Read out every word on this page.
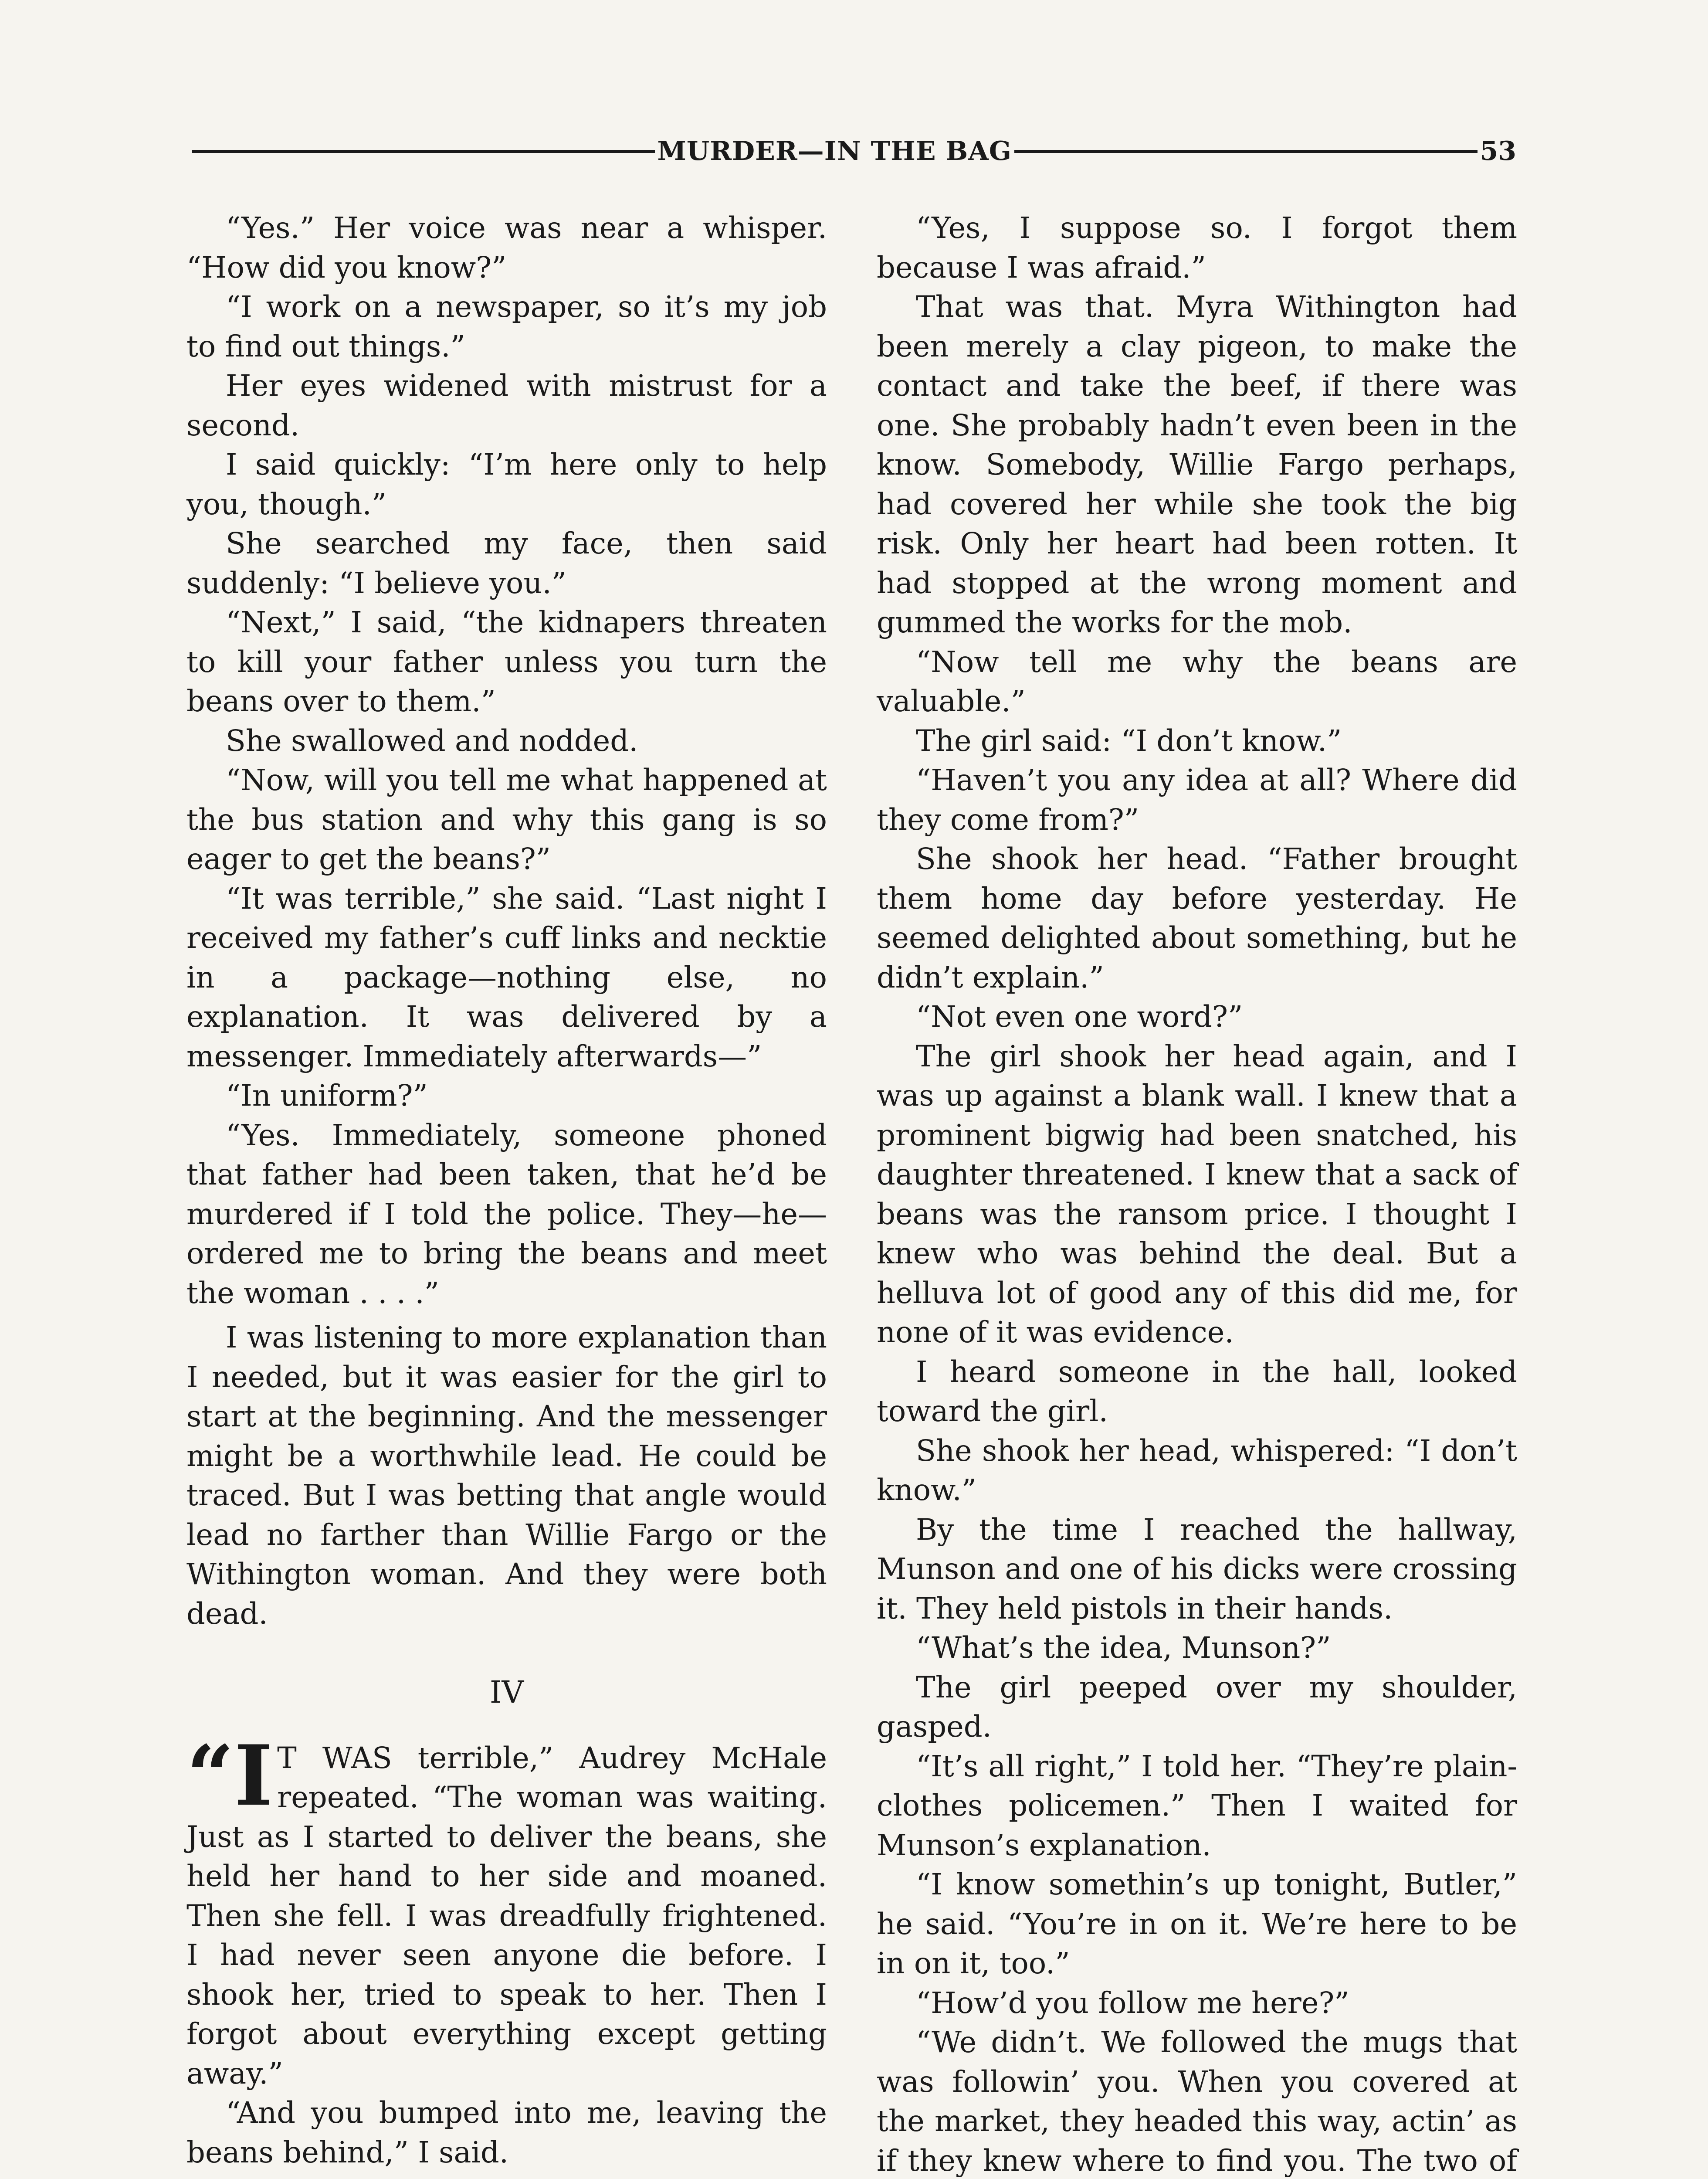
MURDER—IN THE BAG	53

“Yes.” Her voice was near a whisper. “How did you know?”

“I work on a newspaper, so it’s my job to find out things.”

Her eyes widened with mistrust for a second.

I said quickly: “I’m here only to help you, though.”

She searched my face, then said suddenly: “I believe you.”

“Next,” I said, “the kidnapers threaten to kill your father unless you turn the beans over to them.”

She swallowed and nodded.

“Now, will you tell me what happened at the bus station and why this gang is so eager to get the beans?”

“It was terrible,” she said. “Last night I received my father’s cuff links and necktie in a package—nothing else, no explanation. It was delivered by a messenger. Immediately afterwards—”

“In uniform?”

“Yes. Immediately, someone phoned that father had been taken, that he’d be murdered if I told the police. They—he—ordered me to bring the beans and meet the woman . . . .”

I was listening to more explanation than I needed, but it was easier for the girl to start at the beginning. And the messenger might be a worthwhile lead. He could be traced. But I was betting that angle would lead no farther than Willie Fargo or the Withington woman. And they were both dead.

IV

“I T WAS terrible,” Audrey McHale repeated. “The woman was waiting. Just as I started to deliver the beans, she held her hand to her side and moaned. Then she fell. I was dreadfully frightened. I had never seen anyone die before. I shook her, tried to speak to her. Then I forgot about everything except getting away.”

“And you bumped into me, leaving the beans behind,” I said.

“Yes, I suppose so. I forgot them because I was afraid.”

That was that. Myra Withington had been merely a clay pigeon, to make the contact and take the beef, if there was one. She probably hadn’t even been in the know. Somebody, Willie Fargo perhaps, had covered her while she took the big risk. Only her heart had been rotten. It had stopped at the wrong moment and gummed the works for the mob.

“Now tell me why the beans are valuable.”

The girl said: “I don’t know.”

“Haven’t you any idea at all? Where did they come from?”

She shook her head. “Father brought them home day before yesterday. He seemed delighted about something, but he didn’t explain.”

“Not even one word?”

The girl shook her head again, and I was up against a blank wall. I knew that a prominent bigwig had been snatched, his daughter threatened. I knew that a sack of beans was the ransom price. I thought I knew who was behind the deal. But a helluva lot of good any of this did me, for none of it was evidence.

I heard someone in the hall, looked toward the girl.

She shook her head, whispered: “I don’t know.”

By the time I reached the hallway, Munson and one of his dicks were crossing it. They held pistols in their hands.

“What’s the idea, Munson?”

The girl peeped over my shoulder, gasped.

“It’s all right,” I told her. “They’re plain-clothes policemen.” Then I waited for Munson’s explanation.

“I know somethin’s up tonight, Butler,” he said. “You’re in on it. We’re here to be in on it, too.”

“How’d you follow me here?”

“We didn’t. We followed the mugs that was followin’ you. When you covered at the market, they headed this way, actin’ as if they knew where to find you. The two of
